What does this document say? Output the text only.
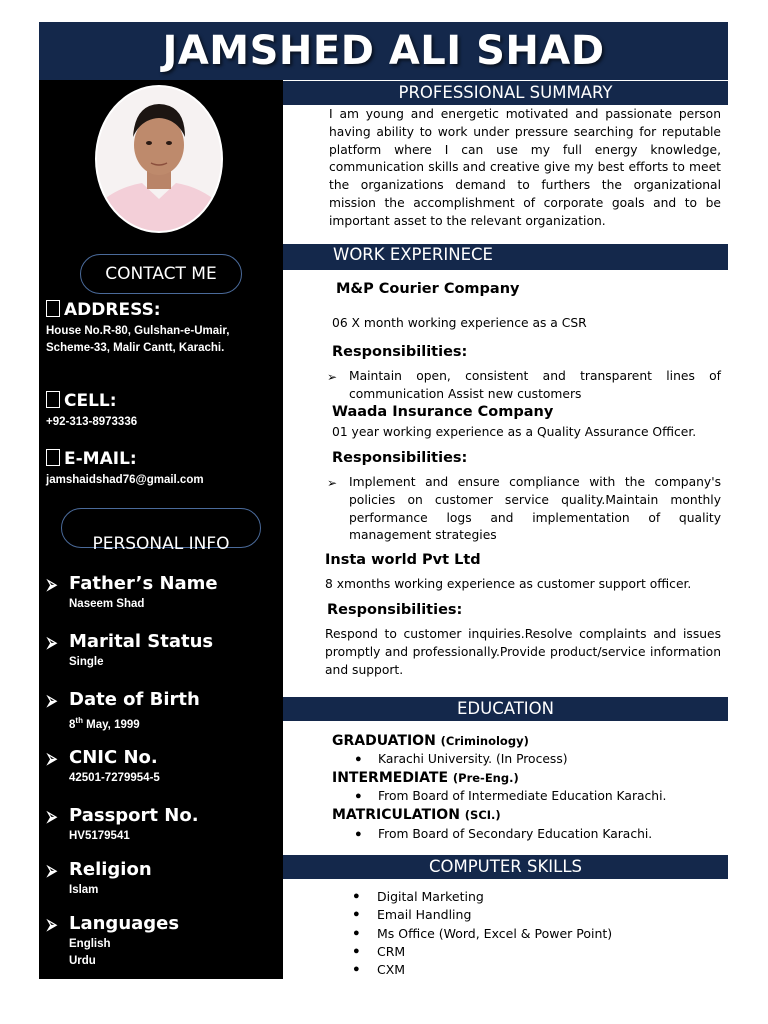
JAMSHED ALI SHAD
CONTACT ME
ADDRESS:
House No.R-80, Gulshan-e-Umair, Scheme-33, Malir Cantt, Karachi.
CELL:
+92-313-8973336
E-MAIL:
jamshaidshad76@gmail.com
PERSONAL INFO
⮚ Father’s Name
Naseem Shad
⮚ Marital Status
Single
⮚ Date of Birth
8th May, 1999
⮚ CNIC No.
42501-7279954-5
⮚ Passport No.
HV5179541
⮚ Religion
Islam
⮚ Languages
English
Urdu
PROFESSIONAL SUMMARY
I am young and energetic motivated and passionate person having ability to work under pressure searching for reputable platform where I can use my full energy knowledge, communication skills and creative give my best efforts to meet the organizations demand to furthers the organizational mission the accomplishment of corporate goals and to be important asset to the relevant organization.
WORK EXPERINECE
M&P Courier Company
06 X month working experience as a CSR
Responsibilities:
➢ Maintain open, consistent and transparent lines of communication Assist new customers
Waada Insurance Company
01 year working experience as a Quality Assurance Officer.
Responsibilities:
➢ Implement and ensure compliance with the company's policies on customer service quality.Maintain monthly performance logs and implementation of quality management strategies
Insta world Pvt Ltd
8 xmonths working experience as customer support officer.
Responsibilities:
Respond to customer inquiries.Resolve complaints and issues promptly and professionally.Provide product/service information and support.
EDUCATION
GRADUATION (Criminology)
● Karachi University. (In Process)
INTERMEDIATE (Pre-Eng.)
● From Board of Intermediate Education Karachi.
MATRICULATION (SCI.)
● From Board of Secondary Education Karachi.
COMPUTER SKILLS
● Digital Marketing
● Email Handling
● Ms Office (Word, Excel & Power Point)
● CRM
● CXM
